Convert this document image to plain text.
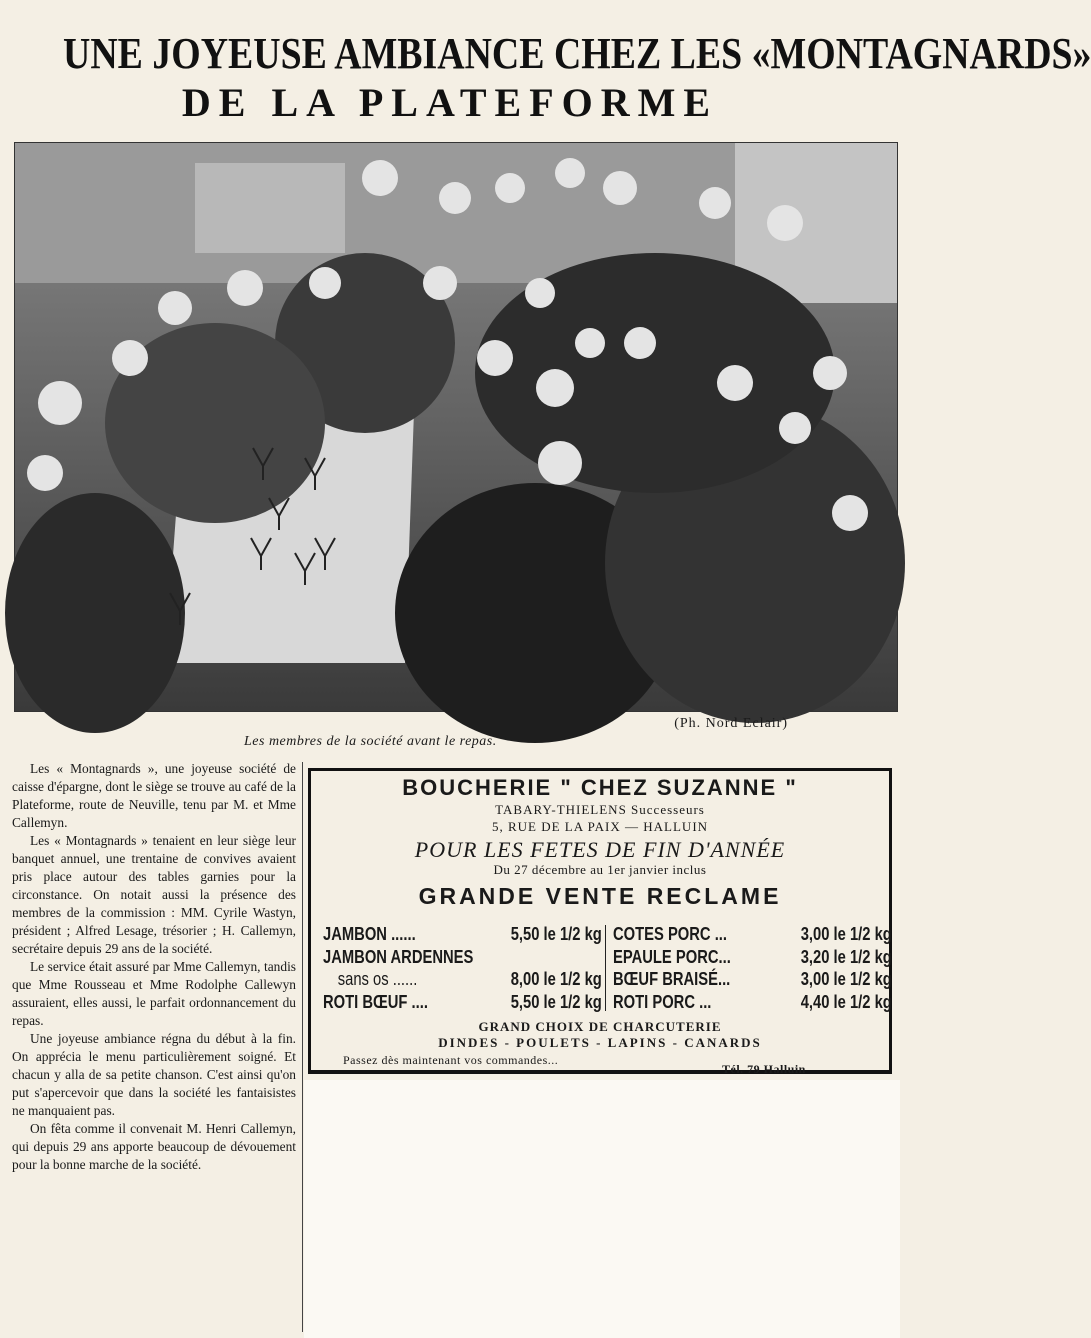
UNE JOYEUSE AMBIANCE CHEZ LES «MONTAGNARDS»
DE LA PLATEFORME
(Ph. Nord Eclair)
Les membres de la société avant le repas.

Les « Montagnards », une joyeuse société de caisse d'épargne, dont le siège se trouve au café de la Plateforme, route de Neuville, tenu par M. et Mme Callemyn.

Les « Montagnards » tenaient en leur siège leur banquet annuel, une trentaine de convives avaient pris place autour des tables garnies pour la circonstance. On notait aussi la présence des membres de la commission : MM. Cyrile Wastyn, président ; Alfred Lesage, trésorier ; H. Callemyn, secrétaire depuis 29 ans de la société.

Le service était assuré par Mme Callemyn, tandis que Mme Rousseau et Mme Rodolphe Callewyn assuraient, elles aussi, le parfait ordonnancement du repas.

Une joyeuse ambiance régna du début à la fin. On apprécia le menu particulièrement soigné. Et chacun y alla de sa petite chanson. C'est ainsi qu'on put s'apercevoir que dans la société les fantaisistes ne manquaient pas.

On fêta comme il convenait M. Henri Callemyn, qui depuis 29 ans apporte beaucoup de dévouement pour la bonne marche de la société.

BOUCHERIE " CHEZ SUZANNE "
TABARY-THIELENS Successeurs
5, RUE DE LA PAIX — HALLUIN
POUR LES FETES DE FIN D'ANNÉE
Du 27 décembre au 1er janvier inclus
GRANDE VENTE RECLAME
JAMBON ......	5,50 le 1/2 kg
JAMBON ARDENNES
sans os ......	8,00 le 1/2 kg
ROTI BŒUF ....	5,50 le 1/2 kg
COTES PORC ...	3,00 le 1/2 kg
EPAULE PORC...	3,20 le 1/2 kg
BŒUF BRAISÉ...	3,00 le 1/2 kg
ROTI PORC ...	4,40 le 1/2 kg
GRAND CHOIX DE CHARCUTERIE
DINDES - POULETS - LAPINS - CANARDS
Passez dès maintenant vos commandes...
Tél. 79 Halluin
